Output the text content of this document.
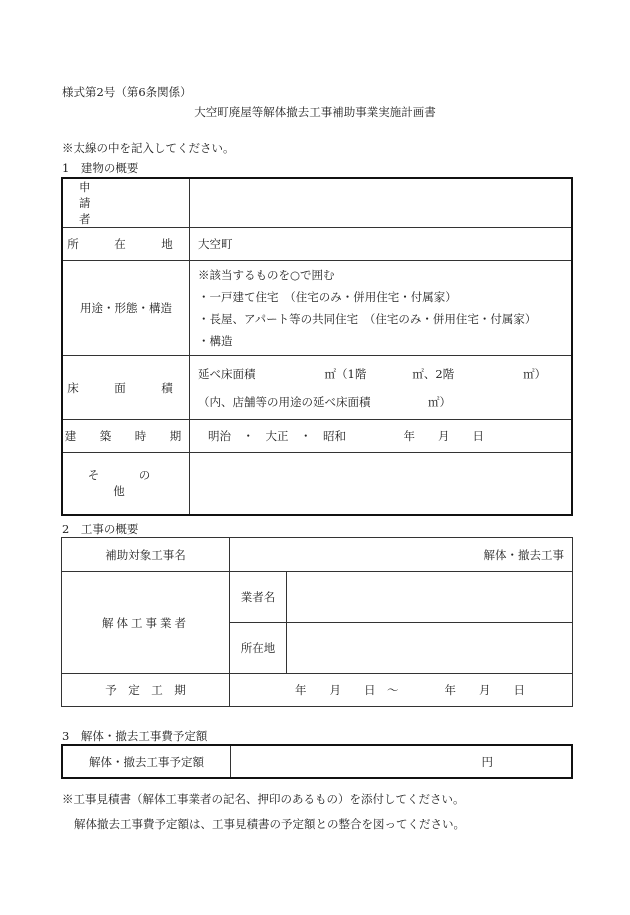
様式第2号（第6条関係）
大空町廃屋等解体撤去工事補助事業実施計画書
※太線の中を記入してください。
1　建物の概要
申　請　者	

所　在　地	大空町
用途・形態・構造	※該当するものを○で囲む
・一戸建て住宅　（住宅のみ・併用住宅・付属家）
・長屋、アパート等の共同住宅　（住宅のみ・併用住宅・付属家）
・構造

床　面　積	延べ床面積　　　　　　㎡（1階　　　　㎡、2階　　　　　　㎡）
（内、店舗等の用途の延べ床面積　　　　　㎡）

建　築　時　期	明治　・　大正　・　昭和　　　　　年　　月　　日
そ　の　他	
2　工事の概要
補助対象工事名	解体・撤去工事	
解体工事業者	業者名	
	所在地	
予　定　工　期	年　　月　　日　～　　　　年　　月　　日	
3　解体・撤去工事費予定額
解体・撤去工事予定額	円
※工事見積書（解体工事業者の記名、押印のあるもの）を添付してください。
解体撤去工事費予定額は、工事見積書の予定額との整合を図ってください。
